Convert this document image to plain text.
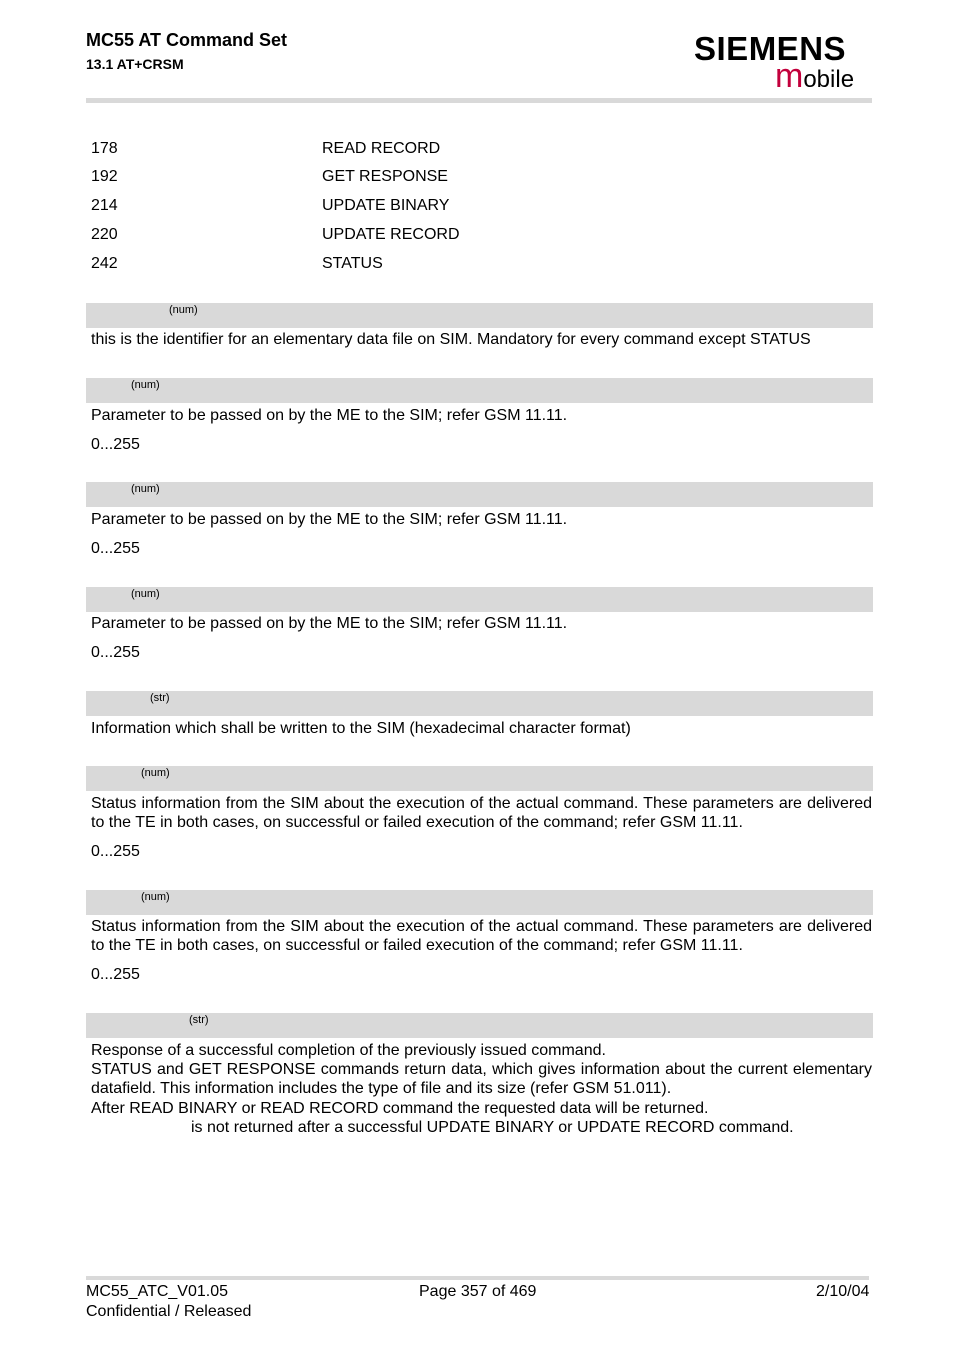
MC55 AT Command Set
13.1 AT+CRSM	SIEMENS
mobile
178	READ RECORD
192	GET RESPONSE
214	UPDATE BINARY
220	UPDATE RECORD
242	STATUS
(num)
this is the identifier for an elementary data file on SIM. Mandatory for every command except STATUS
(num)
Parameter to be passed on by the ME to the SIM; refer GSM 11.11.
0...255
(num)
Parameter to be passed on by the ME to the SIM; refer GSM 11.11.
0...255
(num)
Parameter to be passed on by the ME to the SIM; refer GSM 11.11.
0...255
(str)
Information which shall be written to the SIM (hexadecimal character format)
(num)
Status information from the SIM about the execution of the actual command. These parameters are delivered to the TE in both cases, on successful or failed execution of the command; refer GSM 11.11.
0...255
(num)
Status information from the SIM about the execution of the actual command. These parameters are delivered to the TE in both cases, on successful or failed execution of the command; refer GSM 11.11.
0...255
(str)
Response of a successful completion of the previously issued command.
STATUS and GET RESPONSE commands return data, which gives information about the current elementary datafield. This information includes the type of file and its size (refer GSM 51.011).
After READ BINARY or READ RECORD command the requested data will be returned.
is not returned after a successful UPDATE BINARY or UPDATE RECORD command.
MC55_ATC_V01.05
Confidential / Released
Page 357 of 469	2/10/04
